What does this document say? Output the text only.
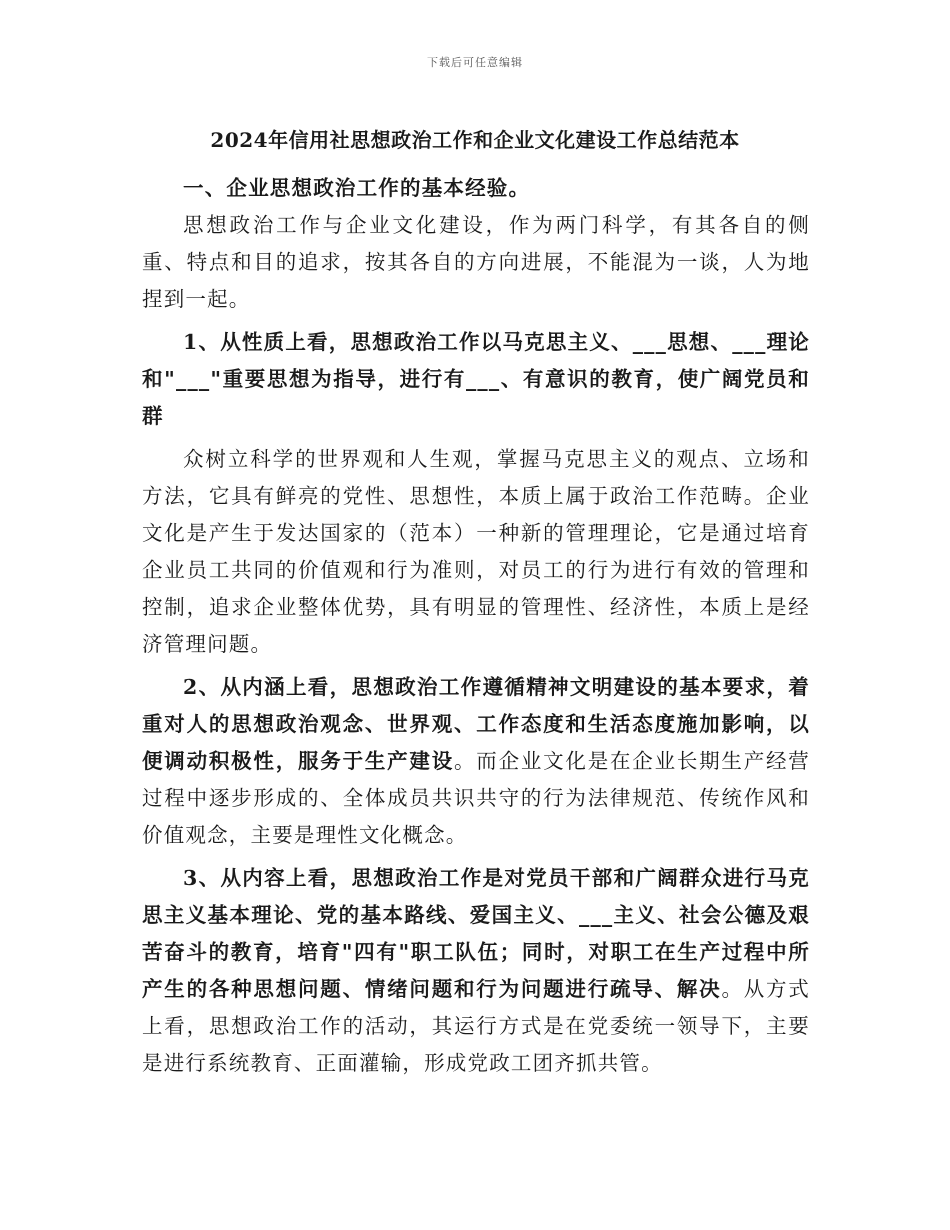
下载后可任意编辑
2024年信用社思想政治工作和企业文化建设工作总结范本

一、企业思想政治工作的基本经验。

思想政治工作与企业文化建设，作为两门科学，有其各自的侧重、特点和目的追求，按其各自的方向进展，不能混为一谈，人为地捏到一起。

1、从性质上看，思想政治工作以马克思主义、___思想、___理论和"___"重要思想为指导，进行有___、有意识的教育，使广阔党员和群

众树立科学的世界观和人生观，掌握马克思主义的观点、立场和方法，它具有鲜亮的党性、思想性，本质上属于政治工作范畴。企业文化是产生于发达国家的（范本）一种新的管理理论，它是通过培育企业员工共同的价值观和行为准则，对员工的行为进行有效的管理和控制，追求企业整体优势，具有明显的管理性、经济性，本质上是经济管理问题。

2、从内涵上看，思想政治工作遵循精神文明建设的基本要求，着重对人的思想政治观念、世界观、工作态度和生活态度施加影响，以便调动积极性，服务于生产建设。而企业文化是在企业长期生产经营过程中逐步形成的、全体成员共识共守的行为法律规范、传统作风和价值观念，主要是理性文化概念。

3、从内容上看，思想政治工作是对党员干部和广阔群众进行马克思主义基本理论、党的基本路线、爱国主义、___主义、社会公德及艰苦奋斗的教育，培育"四有"职工队伍；同时，对职工在生产过程中所产生的各种思想问题、情绪问题和行为问题进行疏导、解决。从方式上看，思想政治工作的活动，其运行方式是在党委统一领导下，主要是进行系统教育、正面灌输，形成党政工团齐抓共管。
